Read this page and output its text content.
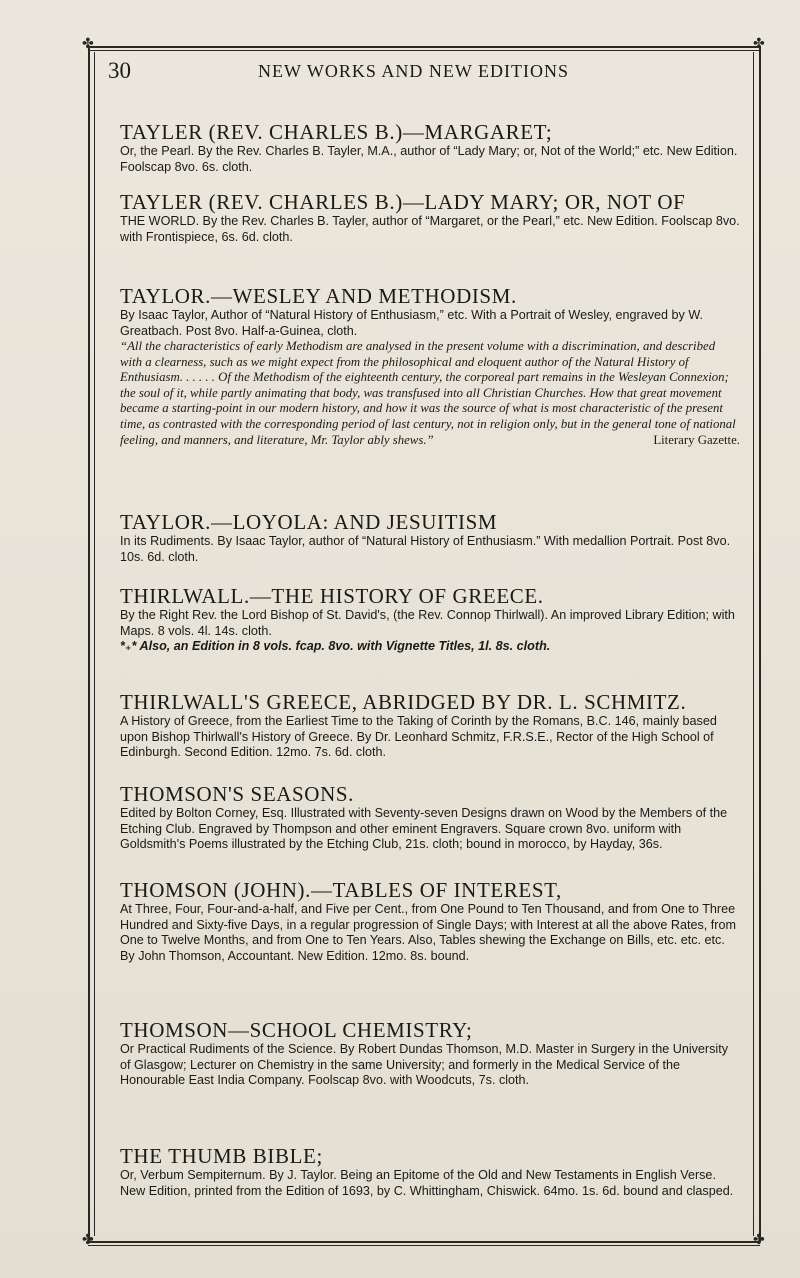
✤	✤
✤	✤
30	NEW WORKS AND NEW EDITIONS
TAYLER (REV. CHARLES B.)—MARGARET;

Or, the Pearl. By the Rev. Charles B. Tayler, M.A., author of “Lady Mary; or, Not of the World;” etc. New Edition. Foolscap 8vo. 6s. cloth.

TAYLER (REV. CHARLES B.)—LADY MARY; OR, NOT OF

THE WORLD. By the Rev. Charles B. Tayler, author of “Margaret, or the Pearl,” etc. New Edition. Foolscap 8vo. with Frontispiece, 6s. 6d. cloth.

TAYLOR.—WESLEY AND METHODISM.

By Isaac Taylor, Author of “Natural History of Enthusiasm,” etc. With a Portrait of Wesley, engraved by W. Greatbach. Post 8vo. Half-a-Guinea, cloth.

“All the characteristics of early Methodism are analysed in the present volume with a discrimination, and described with a clearness, such as we might expect from the philosophical and eloquent author of the Natural History of Enthusiasm. . . . . . Of the Methodism of the eighteenth century, the corporeal part remains in the Wesleyan Connexion; the soul of it, while partly animating that body, was transfused into all Christian Churches. How that great movement became a starting-point in our modern history, and how it was the source of what is most characteristic of the present time, as contrasted with the corresponding period of last century, not in religion only, but in the general tone of national feeling, and manners, and literature, Mr. Taylor ably shews.”	Literary Gazette.

TAYLOR.—LOYOLA: AND JESUITISM

In its Rudiments. By Isaac Taylor, author of “Natural History of Enthusiasm.” With medallion Portrait. Post 8vo. 10s. 6d. cloth.

THIRLWALL.—THE HISTORY OF GREECE.

By the Right Rev. the Lord Bishop of St. David's, (the Rev. Connop Thirlwall). An improved Library Edition; with Maps. 8 vols. 4l. 14s. cloth.

*₊* Also, an Edition in 8 vols. fcap. 8vo. with Vignette Titles, 1l. 8s. cloth.

THIRLWALL'S GREECE, ABRIDGED BY DR. L. SCHMITZ.

A History of Greece, from the Earliest Time to the Taking of Corinth by the Romans, B.C. 146, mainly based upon Bishop Thirlwall's History of Greece. By Dr. Leonhard Schmitz, F.R.S.E., Rector of the High School of Edinburgh. Second Edition. 12mo. 7s. 6d. cloth.

THOMSON'S SEASONS.

Edited by Bolton Corney, Esq. Illustrated with Seventy-seven Designs drawn on Wood by the Members of the Etching Club. Engraved by Thompson and other eminent Engravers. Square crown 8vo. uniform with Goldsmith's Poems illustrated by the Etching Club, 21s. cloth; bound in morocco, by Hayday, 36s.

THOMSON (JOHN).—TABLES OF INTEREST,

At Three, Four, Four-and-a-half, and Five per Cent., from One Pound to Ten Thousand, and from One to Three Hundred and Sixty-five Days, in a regular progression of Single Days; with Interest at all the above Rates, from One to Twelve Months, and from One to Ten Years. Also, Tables shewing the Exchange on Bills, etc. etc. etc. By John Thomson, Accountant. New Edition. 12mo. 8s. bound.

THOMSON—SCHOOL CHEMISTRY;

Or Practical Rudiments of the Science. By Robert Dundas Thomson, M.D. Master in Surgery in the University of Glasgow; Lecturer on Chemistry in the same University; and formerly in the Medical Service of the Honourable East India Company. Foolscap 8vo. with Woodcuts, 7s. cloth.

THE THUMB BIBLE;

Or, Verbum Sempiternum. By J. Taylor. Being an Epitome of the Old and New Testaments in English Verse. New Edition, printed from the Edition of 1693, by C. Whittingham, Chiswick. 64mo. 1s. 6d. bound and clasped.
